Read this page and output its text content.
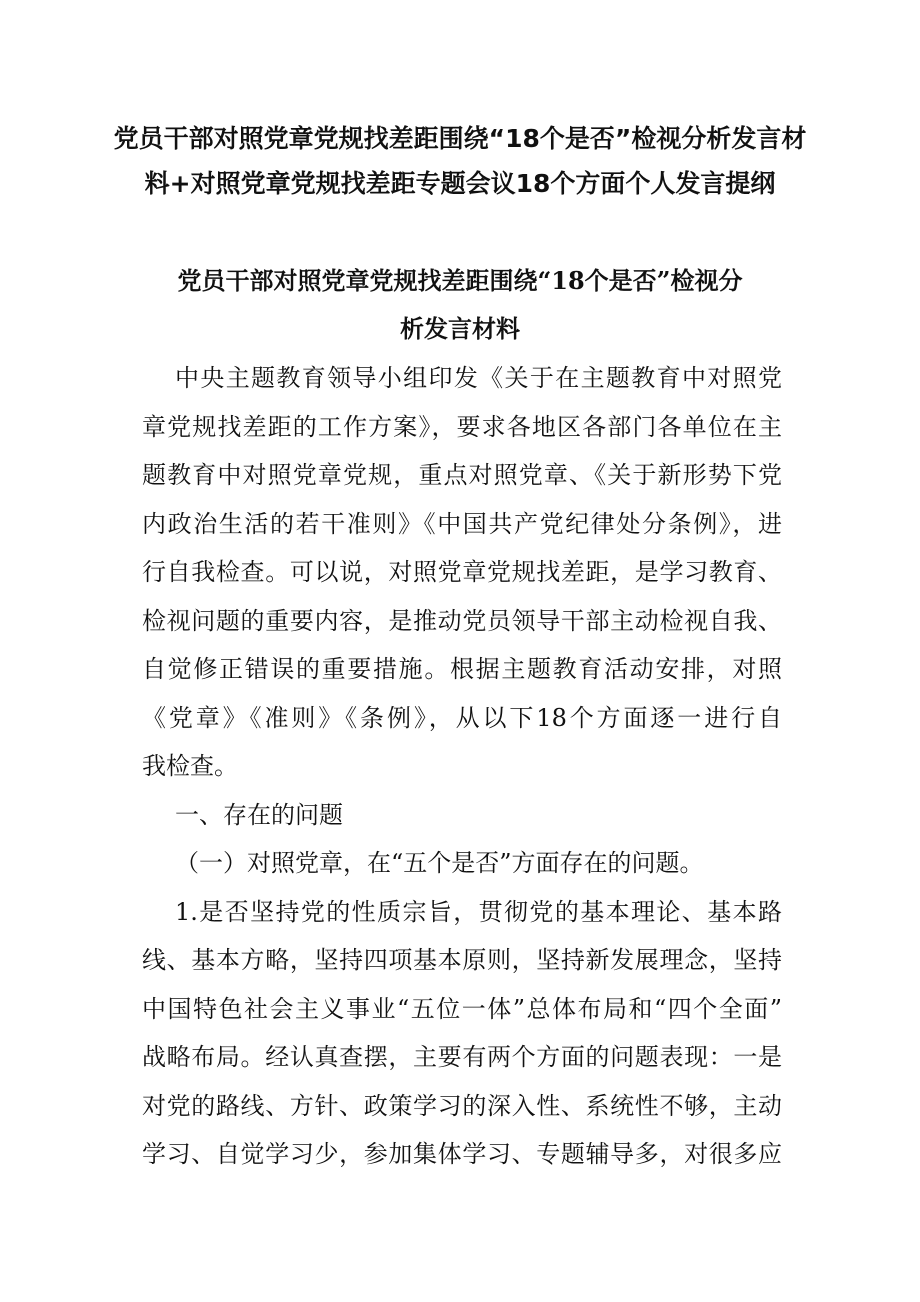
党员干部对照党章党规找差距围绕“18个是否”检视分析发言材
料+对照党章党规找差距专题会议18个方面个人发言提纲
党员干部对照党章党规找差距围绕“18个是否”检视分
析发言材料
中央主题教育领导小组印发《关于在主题教育中对照党
章党规找差距的工作方案》，要求各地区各部门各单位在主
题教育中对照党章党规，重点对照党章、《关于新形势下党
内政治生活的若干准则》《中国共产党纪律处分条例》，进
行自我检查。可以说，对照党章党规找差距，是学习教育、
检视问题的重要内容，是推动党员领导干部主动检视自我、
自觉修正错误的重要措施。根据主题教育活动安排，对照
《党章》《准则》《条例》，从以下18个方面逐一进行自
我检查。
一、存在的问题
（一）对照党章，在“五个是否”方面存在的问题。
1.是否坚持党的性质宗旨，贯彻党的基本理论、基本路
线、基本方略，坚持四项基本原则，坚持新发展理念，坚持
中国特色社会主义事业“五位一体”总体布局和“四个全面”
战略布局。经认真查摆，主要有两个方面的问题表现：一是
对党的路线、方针、政策学习的深入性、系统性不够，主动
学习、自觉学习少，参加集体学习、专题辅导多，对很多应
